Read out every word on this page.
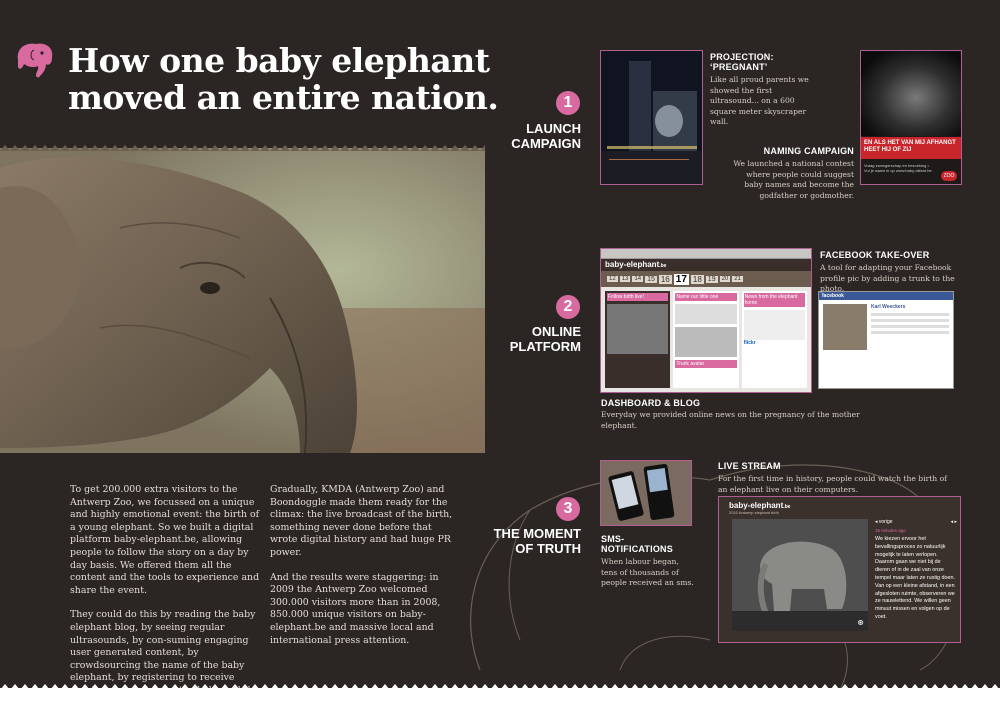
How one baby elephant
moved an entire nation.

To get 200.000 extra visitors to the Antwerp Zoo, we focussed on a unique and highly emotional event: the birth of a young elephant. So we built a digital platform baby-elephant.be, allowing people to follow the story on a day by day basis. We offered them all the content and the tools to experience and share the event.

They could do this by reading the baby elephant blog, by seeing regular ultrasounds, by con-suming engaging user generated content, by crowdsourcing the name of the baby elephant, by registering to receive

Gradually, KMDA (Antwerp Zoo) and Boondoggle made them ready for the climax: the live broadcast of the birth, something never done before that wrote digital history and had huge PR power.

And the results were staggering: in 2009 the Antwerp Zoo welcomed 300.000 visitors more than in 2008, 850.000 unique visitors on baby-elephant.be and massive local and international press attention.

1
LAUNCH
CAMPAIGN
PROJECTION: ‘PREGNANT’
Like all proud parents we showed the first ultrasound... on a 600 square meter skyscraper wall.
EN ALS HET VAN MIJ AFHANGT HEET HIJ OF ZIJ
Vraag zwangerschap en bezoeking • Vul je naam in op www.baby-olifant.be
ZOO
NAMING CAMPAIGN
We launched a national contest where people could suggest baby names and become the godfather or godmother.
2
ONLINE
PLATFORM
baby-elephant.be
12	13	14 15 16 17 18 19	20	21
Follow birth live!	Name our little one
Trunk avatar
News from the elephant home
flickr
facebook
Karl Weeckers
FACEBOOK TAKE-OVER
A tool for adapting your Facebook profile pic by adding a trunk to the photo.
DASHBOARD & BLOG
Everyday we provided online news on the pregnancy of the mother elephant.
3
THE MOMENT
OF TRUTH
SMS-NOTIFICATIONS
When labour began, tens of thousands of people received an sms.
LIVE STREAM
For the first time in history, people could watch the birth of an elephant live on their computers.
baby-elephant.be
2010 Antwerp elephant birth
⊛
◂ vorige	◂ ▸
15 minutes ago
We kiezen ervoor het bevallingsproces zo natuurlijk mogelijk te laten verlopen. Daarom gaan we niet bij de dieren of in de zaal van onze tempel maar laten ze rustig doen. Van op een kleine afstand, in een afgesloten ruimte, observeren we ze nauwlettend. We willen geen minuut missen en volgen op de voet.
